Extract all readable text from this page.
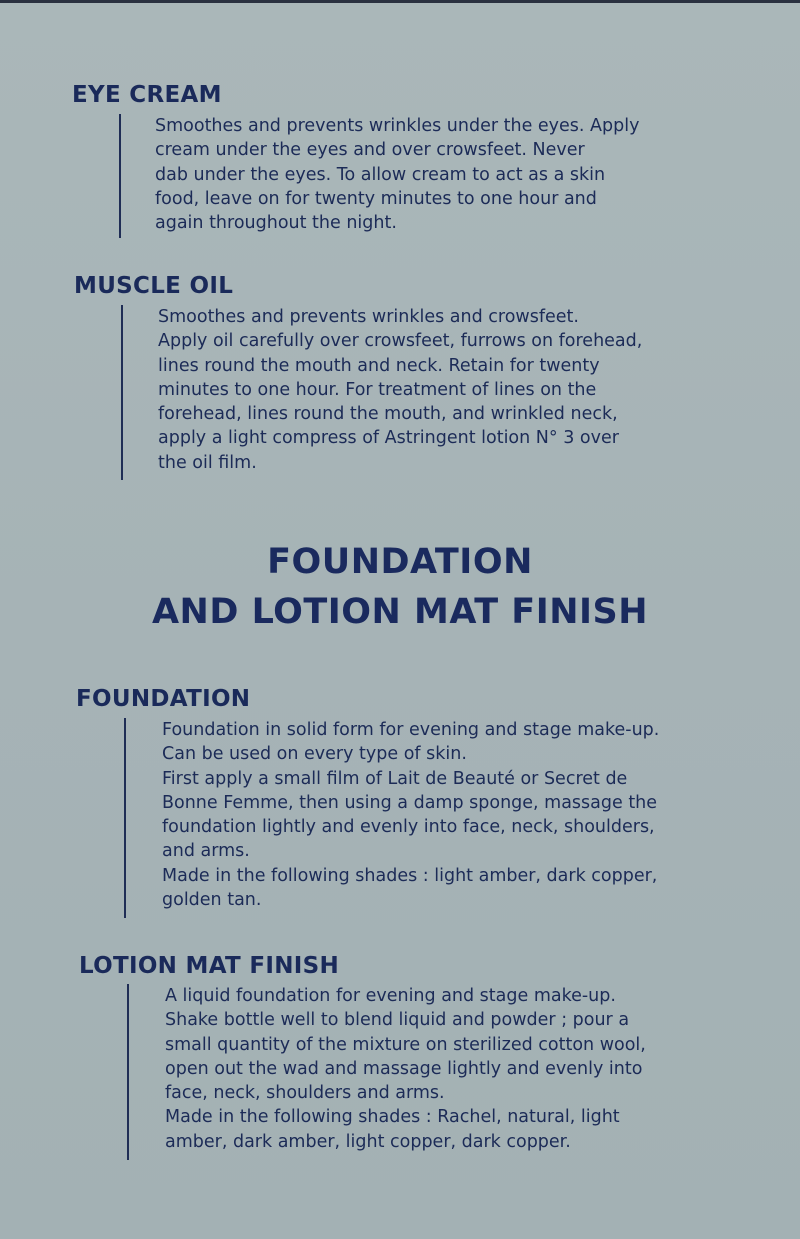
EYE CREAM

Smoothes and prevents wrinkles under the eyes. Apply

cream under the eyes and over crowsfeet. Never

dab under the eyes. To allow cream to act as a skin

food, leave on for twenty minutes to one hour and

again throughout the night.

MUSCLE OIL

Smoothes and prevents wrinkles and crowsfeet.

Apply oil carefully over crowsfeet, furrows on forehead,

lines round the mouth and neck. Retain for twenty

minutes to one hour. For treatment of lines on the

forehead, lines round the mouth, and wrinkled neck,

apply a light compress of Astringent lotion N° 3 over

the oil film.

FOUNDATION
AND LOTION MAT FINISH
FOUNDATION

Foundation in solid form for evening and stage make-up.

Can be used on every type of skin.

First apply a small film of Lait de Beauté or Secret de

Bonne Femme, then using a damp sponge, massage the

foundation lightly and evenly into face, neck, shoulders,

and arms.

Made in the following shades : light amber, dark copper,

golden tan.

LOTION MAT FINISH

A liquid foundation for evening and stage make-up.

Shake bottle well to blend liquid and powder ; pour a

small quantity of the mixture on sterilized cotton wool,

open out the wad and massage lightly and evenly into

face, neck, shoulders and arms.

Made in the following shades : Rachel, natural, light

amber, dark amber, light copper, dark copper.
